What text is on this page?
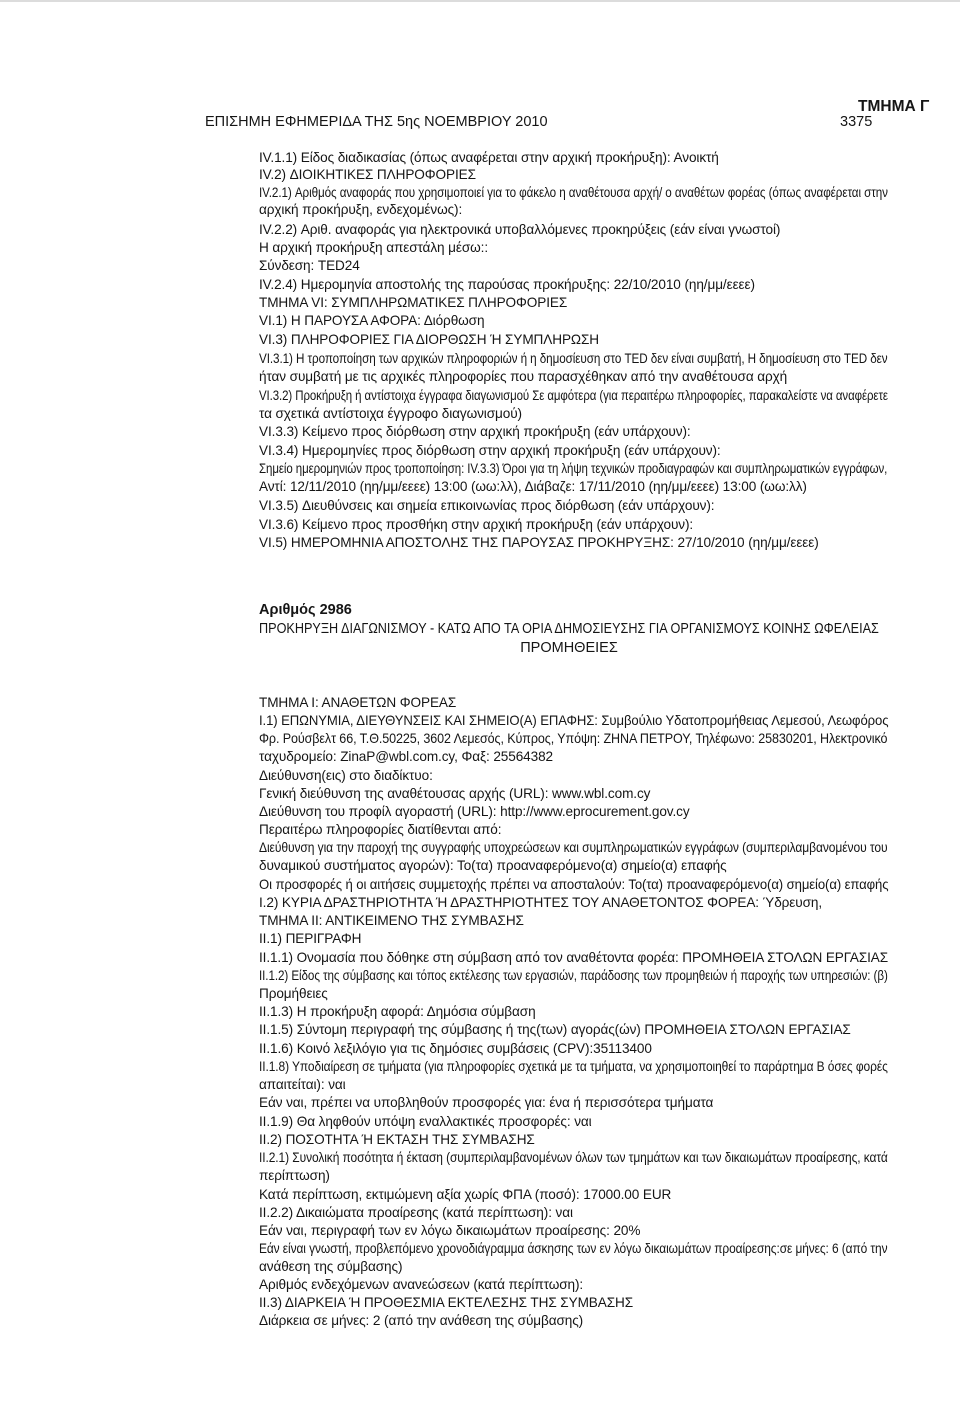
ΤΜΗΜΑ Γ
ΕΠΙΣΗΜΗ ΕΦΗΜΕΡΙΔΑ ΤΗΣ 5ης ΝΟΕΜΒΡΙΟΥ 2010	3375
IV.1.1) Είδος διαδικασίας (όπως αναφέρεται στην αρχική προκήρυξη): Ανοικτή
IV.2) ΔΙΟΙΚΗΤΙΚΕΣ ΠΛΗΡΟΦΟΡΙΕΣ
IV.2.1) Αριθμός αναφοράς που χρησιμοποιεί για το φάκελο η αναθέτουσα αρχή/ ο αναθέτων φορέας (όπως αναφέρεται στην
αρχική προκήρυξη, ενδεχομένως):
IV.2.2) Αριθ. αναφοράς για ηλεκτρονικά υποβαλλόμενες προκηρύξεις (εάν είναι γνωστοί)
Η αρχική προκήρυξη απεστάλη μέσω::
Σύνδεση: TED24
IV.2.4) Ημερομηνία αποστολής της παρούσας προκήρυξης: 22/10/2010 (ηη/μμ/εεεε)
ΤΜΗΜΑ VI: ΣΥΜΠΛΗΡΩΜΑΤΙΚΕΣ ΠΛΗΡΟΦΟΡΙΕΣ
VI.1) Η ΠΑΡΟΥΣΑ ΑΦΟΡΑ: Διόρθωση
VI.3) ΠΛΗΡΟΦΟΡΙΕΣ ΓΙΑ ΔΙΟΡΘΩΣΗ Ή ΣΥΜΠΛΗΡΩΣΗ
VI.3.1) Η τροποποίηση των αρχικών πληροφοριών ή η δημοσίευση στο TED δεν είναι συμβατή, Η δημοσίευση στο TED δεν
ήταν συμβατή με τις αρχικές πληροφορίες που παρασχέθηκαν από την αναθέτουσα αρχή
VI.3.2) Προκήρυξη ή αντίστοιχα έγγραφα διαγωνισμού Σε αμφότερα (για περαιτέρω πληροφορίες, παρακαλείστε να αναφέρετε
τα σχετικά αντίστοιχα έγγροφο διαγωνισμού)
VI.3.3) Κείμενο προς διόρθωση στην αρχική προκήρυξη (εάν υπάρχουν):
VI.3.4) Ημερομηνίες προς διόρθωση στην αρχική προκήρυξη (εάν υπάρχουν):
Σημείο ημερομηνιών προς τροποποίηση: IV.3.3) Όροι για τη λήψη τεχνικών προδιαγραφών και συμπληρωματικών εγγράφων,
Αντί: 12/11/2010 (ηη/μμ/εεεε) 13:00 (ωω:λλ), Διάβαζε: 17/11/2010 (ηη/μμ/εεεε) 13:00 (ωω:λλ)
VI.3.5) Διευθύνσεις και σημεία επικοινωνίας προς διόρθωση (εάν υπάρχουν):
VI.3.6) Κείμενο προς προσθήκη στην αρχική προκήρυξη (εάν υπάρχουν):
VI.5) ΗΜΕΡΟΜΗΝΙΑ ΑΠΟΣΤΟΛΗΣ ΤΗΣ ΠΑΡΟΥΣΑΣ ΠΡΟΚΗΡΥΞΗΣ: 27/10/2010 (ηη/μμ/εεεε)
Αριθμός 2986
ΠΡΟΚΗΡΥΞΗ ΔΙΑΓΩΝΙΣΜΟΥ - ΚΑΤΩ ΑΠΟ ΤΑ ΟΡΙΑ ΔΗΜΟΣΙΕΥΣΗΣ ΓΙΑ ΟΡΓΑΝΙΣΜΟΥΣ ΚΟΙΝΗΣ ΩΦΕΛΕΙΑΣ
ΠΡΟΜΗΘΕΙΕΣ
ΤΜΗΜΑ Ι: ΑΝΑΘΕΤΩΝ ΦΟΡΕΑΣ
Ι.1) ΕΠΩΝΥΜΙΑ, ΔΙΕΥΘΥΝΣΕΙΣ ΚΑΙ ΣΗΜΕΙΟ(Α) ΕΠΑΦΗΣ: Συμβούλιο Υδατοπρομήθειας Λεμεσού, Λεωφόρος
Φρ. Ρούσβελτ 66, Τ.Θ.50225, 3602 Λεμεσός, Κύπρος, Υπόψη: ΖΗΝΑ ΠΕΤΡΟΥ, Τηλέφωνο: 25830201, Ηλεκτρονικό
ταχυδρομείο: ZinaP@wbl.com.cy, Φαξ: 25564382
Διεύθυνση(εις) στο διαδίκτυο:
Γενική διεύθυνση της αναθέτουσας αρχής (URL): www.wbl.com.cy
Διεύθυνση του προφίλ αγοραστή (URL): http://www.eprocurement.gov.cy
Περαιτέρω πληροφορίες διατίθενται από:
Διεύθυνση για την παροχή της συγγραφής υποχρεώσεων και συμπληρωματικών εγγράφων (συμπεριλαμβανομένου του
δυναμικού συστήματος αγορών): Το(τα) προαναφερόμενο(α) σημείο(α) επαφής
Οι προσφορές ή οι αιτήσεις συμμετοχής πρέπει να αποσταλούν: Το(τα) προαναφερόμενο(α) σημείο(α) επαφής
Ι.2) ΚΥΡΙΑ ΔΡΑΣΤΗΡΙΟΤΗΤΑ Ή ΔΡΑΣΤΗΡΙΟΤΗΤΕΣ ΤΟΥ ΑΝΑΘΕΤΟΝΤΟΣ ΦΟΡΕΑ: Ύδρευση,
ΤΜΗΜΑ ΙΙ: ΑΝΤΙΚΕΙΜΕΝΟ ΤΗΣ ΣΥΜΒΑΣΗΣ
ΙΙ.1) ΠΕΡΙΓΡΑΦΗ
ΙΙ.1.1) Ονομασία που δόθηκε στη σύμβαση από τον αναθέτοντα φορέα: ΠΡΟΜΗΘΕΙΑ ΣΤΟΛΩΝ ΕΡΓΑΣΙΑΣ
ΙΙ.1.2) Είδος της σύμβασης και τόπος εκτέλεσης των εργασιών, παράδοσης των προμηθειών ή παροχής των υπηρεσιών: (β)
Προμήθειες
ΙΙ.1.3) Η προκήρυξη αφορά: Δημόσια σύμβαση
ΙΙ.1.5) Σύντομη περιγραφή της σύμβασης ή της(των) αγοράς(ών) ΠΡΟΜΗΘΕΙΑ ΣΤΟΛΩΝ ΕΡΓΑΣΙΑΣ
ΙΙ.1.6) Κοινό λεξιλόγιο για τις δημόσιες συμβάσεις (CPV):35113400
ΙΙ.1.8) Υποδιαίρεση σε τμήματα (για πληροφορίες σχετικά με τα τμήματα, να χρησιμοποιηθεί το παράρτημα Β όσες φορές
απαιτείται): ναι
Εάν ναι, πρέπει να υποβληθούν προσφορές για: ένα ή περισσότερα τμήματα
ΙΙ.1.9) Θα ληφθούν υπόψη εναλλακτικές προσφορές: ναι
ΙΙ.2) ΠΟΣΟΤΗΤΑ Ή ΕΚΤΑΣΗ ΤΗΣ ΣΥΜΒΑΣΗΣ
ΙΙ.2.1) Συνολική ποσότητα ή έκταση (συμπεριλαμβανομένων όλων των τμημάτων και των δικαιωμάτων προαίρεσης, κατά
περίπτωση)
Κατά περίπτωση, εκτιμώμενη αξία χωρίς ΦΠΑ (ποσό): 17000.00 EUR
ΙΙ.2.2) Δικαιώματα προαίρεσης (κατά περίπτωση): ναι
Εάν ναι, περιγραφή των εν λόγω δικαιωμάτων προαίρεσης: 20%
Εάν είναι γνωστή, προβλεπόμενο χρονοδιάγραμμα άσκησης των εν λόγω δικαιωμάτων προαίρεσης:σε μήνες: 6 (από την
ανάθεση της σύμβασης)
Αριθμός ενδεχόμενων ανανεώσεων (κατά περίπτωση):
ΙΙ.3) ΔΙΑΡΚΕΙΑ Ή ΠΡΟΘΕΣΜΙΑ ΕΚΤΕΛΕΣΗΣ ΤΗΣ ΣΥΜΒΑΣΗΣ
Διάρκεια σε μήνες: 2 (από την ανάθεση της σύμβασης)
